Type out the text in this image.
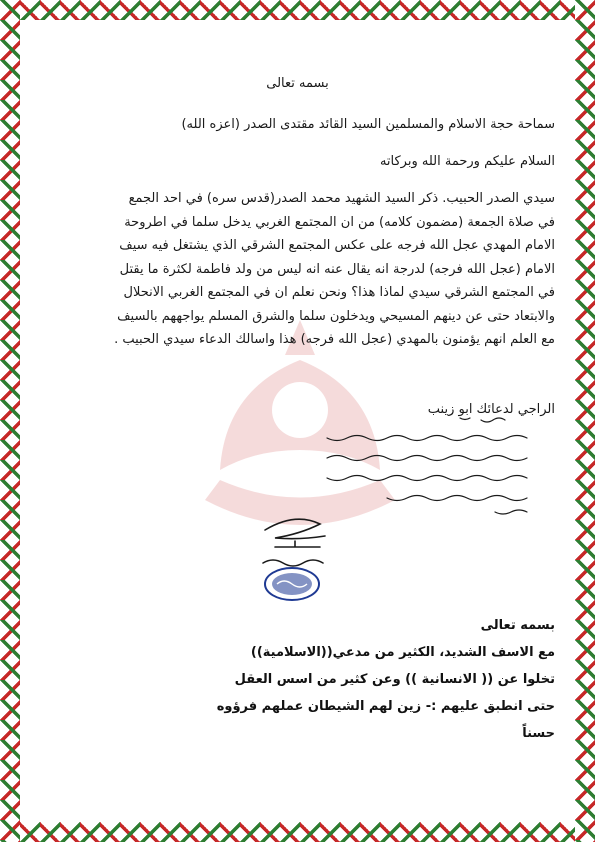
بسمه تعالى

سماحة حجة الاسلام والمسلمين السيد القائد مقتدى الصدر (اعزه الله)

السلام عليكم ورحمة الله وبركاته

سيدي الصدر الحبيب. ذكر السيد الشهيد محمد الصدر(قدس سره) في احد الجمع

في صلاة الجمعة (مضمون كلامه) من ان المجتمع الغربي يدخل سلما في اطروحة

الامام المهدي عجل الله فرجه على عكس المجتمع الشرقي الذي يشتغل فيه سيف

الامام (عجل الله فرجه) لدرجة انه يقال عنه انه ليس من ولد فاطمة لكثرة ما يقتل

في المجتمع الشرقي سيدي لماذا هذا؟ ونحن نعلم ان في المجتمع الغربي الانحلال

والابتعاد حتى عن دينهم المسيحي ويدخلون سلما والشرق المسلم يواجههم بالسيف

مع العلم انهم يؤمنون بالمهدي (عجل الله فرجه) هذا واسالك الدعاء سيدي الحبيب .

الراجي لدعائك ابو زينب
بسمه تعالى
مع الاسف الشديد، الكثير من مدعي((الاسلامية))
تخلوا عن (( الانسانية )) وعن كثير من اسس العقل
حتى انطبق عليهم :- زين لهم الشيطان عملهم فرؤوه
حسناً
